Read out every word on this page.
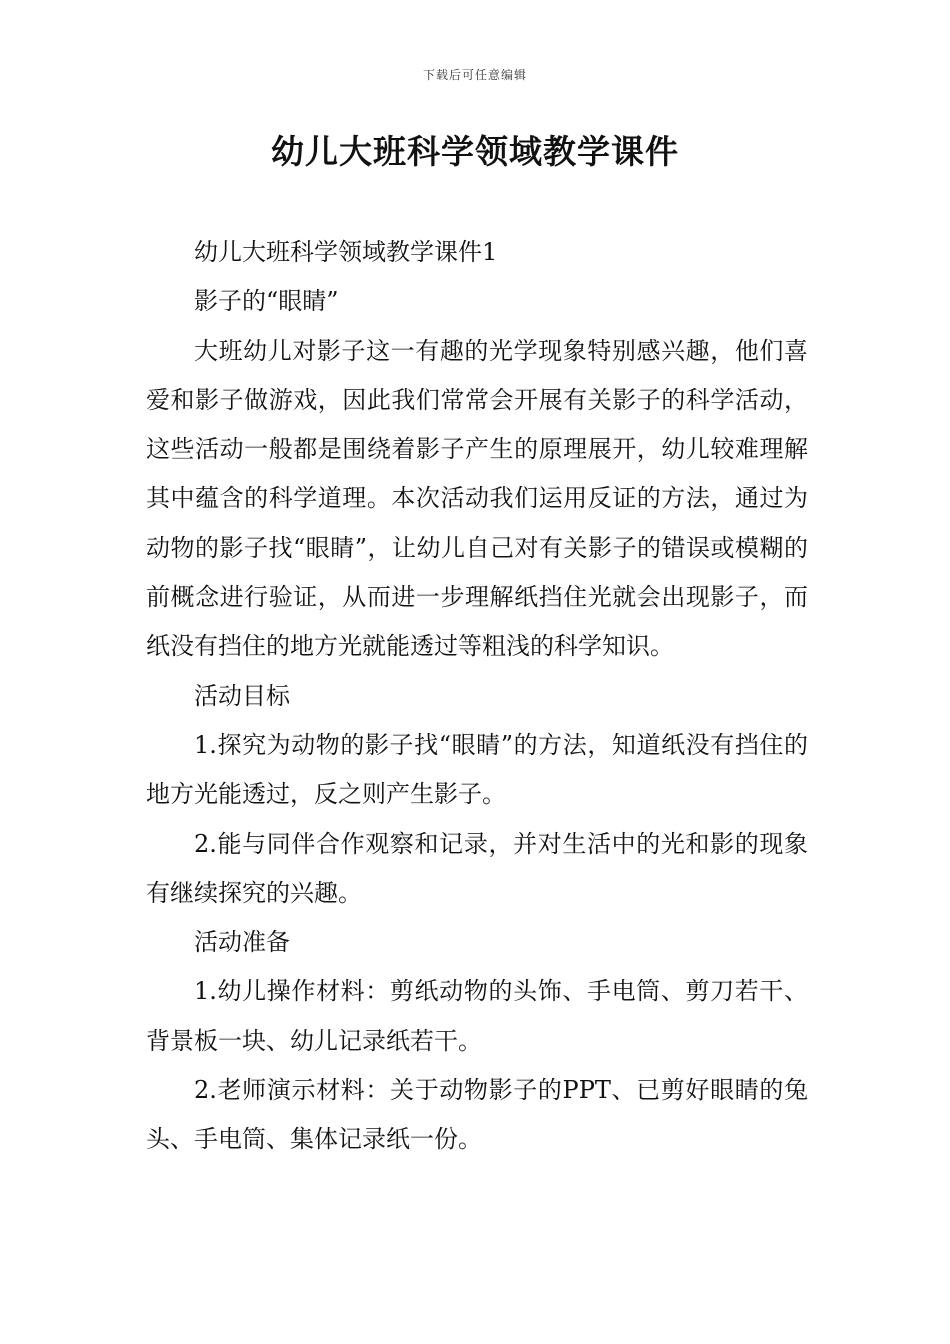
下载后可任意编辑
幼儿大班科学领域教学课件

幼儿大班科学领域教学课件1

影子的“眼睛”

大班幼儿对影子这一有趣的光学现象特别感兴趣，他们喜爱和影子做游戏，因此我们常常会开展有关影子的科学活动，这些活动一般都是围绕着影子产生的原理展开，幼儿较难理解其中蕴含的科学道理。本次活动我们运用反证的方法，通过为动物的影子找“眼睛”，让幼儿自己对有关影子的错误或模糊的前概念进行验证，从而进一步理解纸挡住光就会出现影子，而纸没有挡住的地方光就能透过等粗浅的科学知识。

活动目标

1.探究为动物的影子找“眼睛”的方法，知道纸没有挡住的地方光能透过，反之则产生影子。

2.能与同伴合作观察和记录，并对生活中的光和影的现象有继续探究的兴趣。

活动准备

1.幼儿操作材料：剪纸动物的头饰、手电筒、剪刀若干、背景板一块、幼儿记录纸若干。

2.老师演示材料：关于动物影子的PPT、已剪好眼睛的兔头、手电筒、集体记录纸一份。
